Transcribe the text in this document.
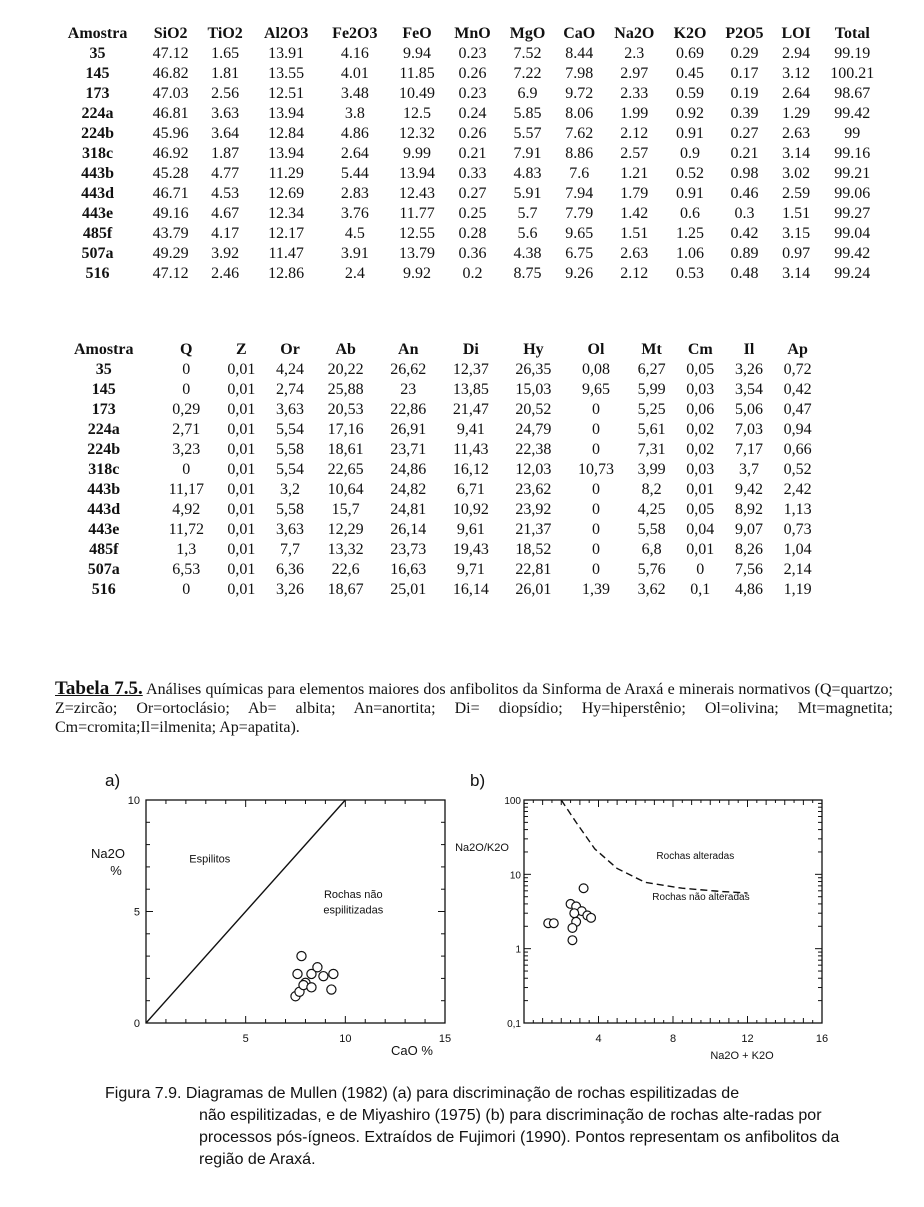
Amostra	SiO2	TiO2	Al2O3	Fe2O3	FeO	MnO	MgO	CaO	Na2O	K2O	P2O5	LOI	Total
35	47.12	1.65	13.91	4.16	9.94	0.23	7.52	8.44	2.3	0.69	0.29	2.94	99.19
145	46.82	1.81	13.55	4.01	11.85	0.26	7.22	7.98	2.97	0.45	0.17	3.12	100.21
173	47.03	2.56	12.51	3.48	10.49	0.23	6.9	9.72	2.33	0.59	0.19	2.64	98.67
224a	46.81	3.63	13.94	3.8	12.5	0.24	5.85	8.06	1.99	0.92	0.39	1.29	99.42
224b	45.96	3.64	12.84	4.86	12.32	0.26	5.57	7.62	2.12	0.91	0.27	2.63	99
318c	46.92	1.87	13.94	2.64	9.99	0.21	7.91	8.86	2.57	0.9	0.21	3.14	99.16
443b	45.28	4.77	11.29	5.44	13.94	0.33	4.83	7.6	1.21	0.52	0.98	3.02	99.21
443d	46.71	4.53	12.69	2.83	12.43	0.27	5.91	7.94	1.79	0.91	0.46	2.59	99.06
443e	49.16	4.67	12.34	3.76	11.77	0.25	5.7	7.79	1.42	0.6	0.3	1.51	99.27
485f	43.79	4.17	12.17	4.5	12.55	0.28	5.6	9.65	1.51	1.25	0.42	3.15	99.04
507a	49.29	3.92	11.47	3.91	13.79	0.36	4.38	6.75	2.63	1.06	0.89	0.97	99.42
516	47.12	2.46	12.86	2.4	9.92	0.2	8.75	9.26	2.12	0.53	0.48	3.14	99.24
Amostra	Q	Z	Or	Ab	An	Di	Hy	Ol	Mt	Cm	Il	Ap
35	0	0,01	4,24	20,22	26,62	12,37	26,35	0,08	6,27	0,05	3,26	0,72
145	0	0,01	2,74	25,88	23	13,85	15,03	9,65	5,99	0,03	3,54	0,42
173	0,29	0,01	3,63	20,53	22,86	21,47	20,52	0	5,25	0,06	5,06	0,47
224a	2,71	0,01	5,54	17,16	26,91	9,41	24,79	0	5,61	0,02	7,03	0,94
224b	3,23	0,01	5,58	18,61	23,71	11,43	22,38	0	7,31	0,02	7,17	0,66
318c	0	0,01	5,54	22,65	24,86	16,12	12,03	10,73	3,99	0,03	3,7	0,52
443b	11,17	0,01	3,2	10,64	24,82	6,71	23,62	0	8,2	0,01	9,42	2,42
443d	4,92	0,01	5,58	15,7	24,81	10,92	23,92	0	4,25	0,05	8,92	1,13
443e	11,72	0,01	3,63	12,29	26,14	9,61	21,37	0	5,58	0,04	9,07	0,73
485f	1,3	0,01	7,7	13,32	23,73	19,43	18,52	0	6,8	0,01	8,26	1,04
507a	6,53	0,01	6,36	22,6	16,63	9,71	22,81	0	5,76	0	7,56	2,14
516	0	0,01	3,26	18,67	25,01	16,14	26,01	1,39	3,62	0,1	4,86	1,19
Tabela 7.5. Análises químicas para elementos maiores dos anfibolitos da Sinforma de Araxá e minerais normativos (Q=quartzo; Z=zircão; Or=ortoclásio; Ab= albita; An=anortita; Di= diopsídio; Hy=hiperstênio; Ol=olivina; Mt=magnetita; Cm=cromita;Il=ilmenita; Ap=apatita).
5	10	15
0
5
10
Espilitos
Rochas não
espilitizadas
a)
Na2O
%
CaO %
4	8	12	16
0,1
1
10
100
Rochas alteradas
Rochas não alteradas
b)
Na2O/K2O
Na2O + K2O
Figura 7.9. Diagramas de Mullen (1982) (a) para discriminação de rochas espilitizadas de
não espilitizadas, e de Miyashiro (1975) (b) para discriminação de rochas alte-radas por processos pós-ígneos. Extraídos de Fujimori (1990). Pontos representam os anfibolitos da região de Araxá.
